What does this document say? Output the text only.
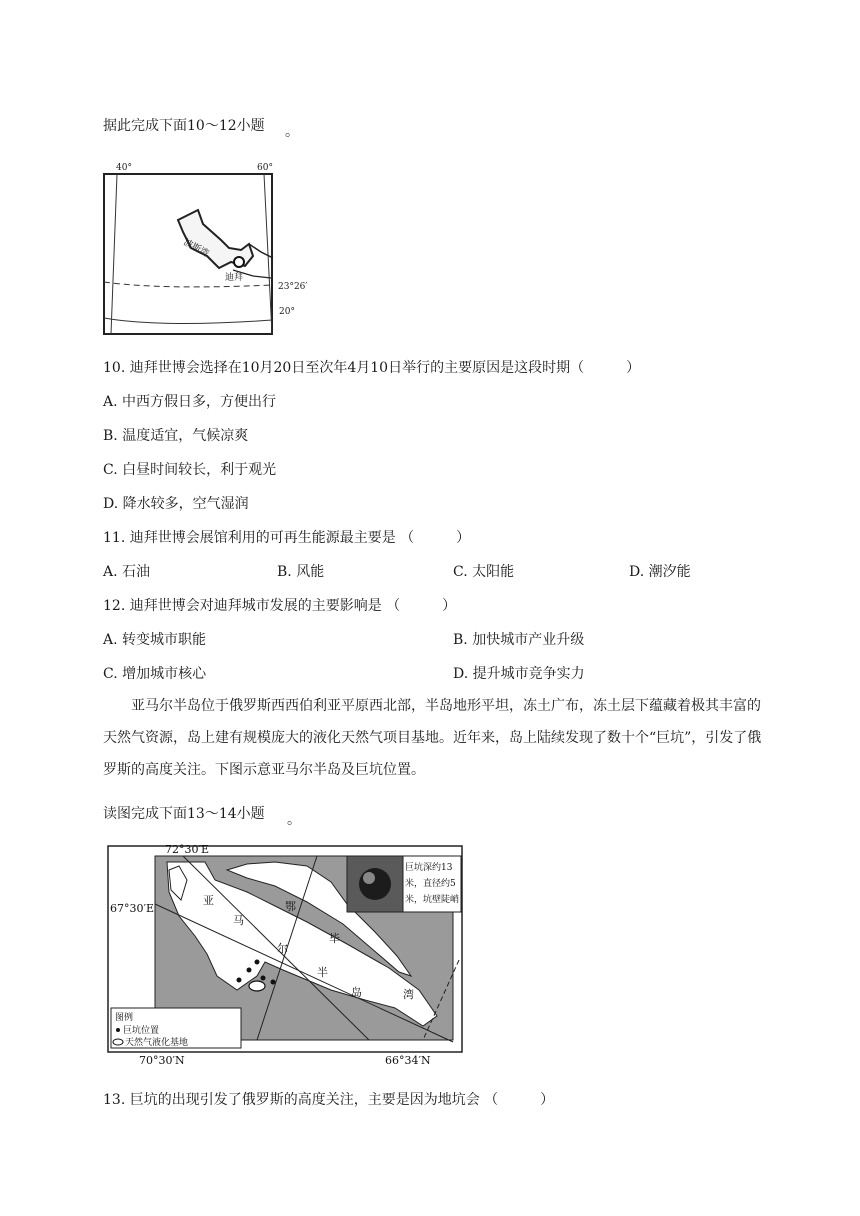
据此完成下面10～12小题 。
40°	60°
波斯湾
迪拜
23°26′
20°
10. 迪拜世博会选择在10月20日至次年4月10日举行的主要原因是这段时期（　　　）
A. 中西方假日多，方便出行
B. 温度适宜，气候凉爽
C. 白昼时间较长，利于观光
D. 降水较多，空气湿润
11. 迪拜世博会展馆利用的可再生能源最主要是 （　　　）
A. 石油	B. 风能	C. 太阳能	D. 潮汐能
12. 迪拜世博会对迪拜城市发展的主要影响是 （　　　）
A. 转变城市职能	B. 加快城市产业升级
C. 增加城市核心	D. 提升城市竞争实力
亚马尔半岛位于俄罗斯西西伯利亚平原西北部，半岛地形平坦，冻土广布，冻土层下蕴藏着极其丰富的天然气资源，岛上建有规模庞大的液化天然气项目基地。近年来，岛上陆续发现了数十个“巨坑”，引发了俄罗斯的高度关注。下图示意亚马尔半岛及巨坑位置。
读图完成下面13～14小题 。
巨坑深约13
米，直径约5
米，坑壁陡峭
亚
马
尔
半
岛
鄂
毕
湾
图例
巨坑位置
天然气液化基地
72°30′E
67°30′E
70°30′N	66°34′N
13. 巨坑的出现引发了俄罗斯的高度关注，主要是因为地坑会 （　　　）
